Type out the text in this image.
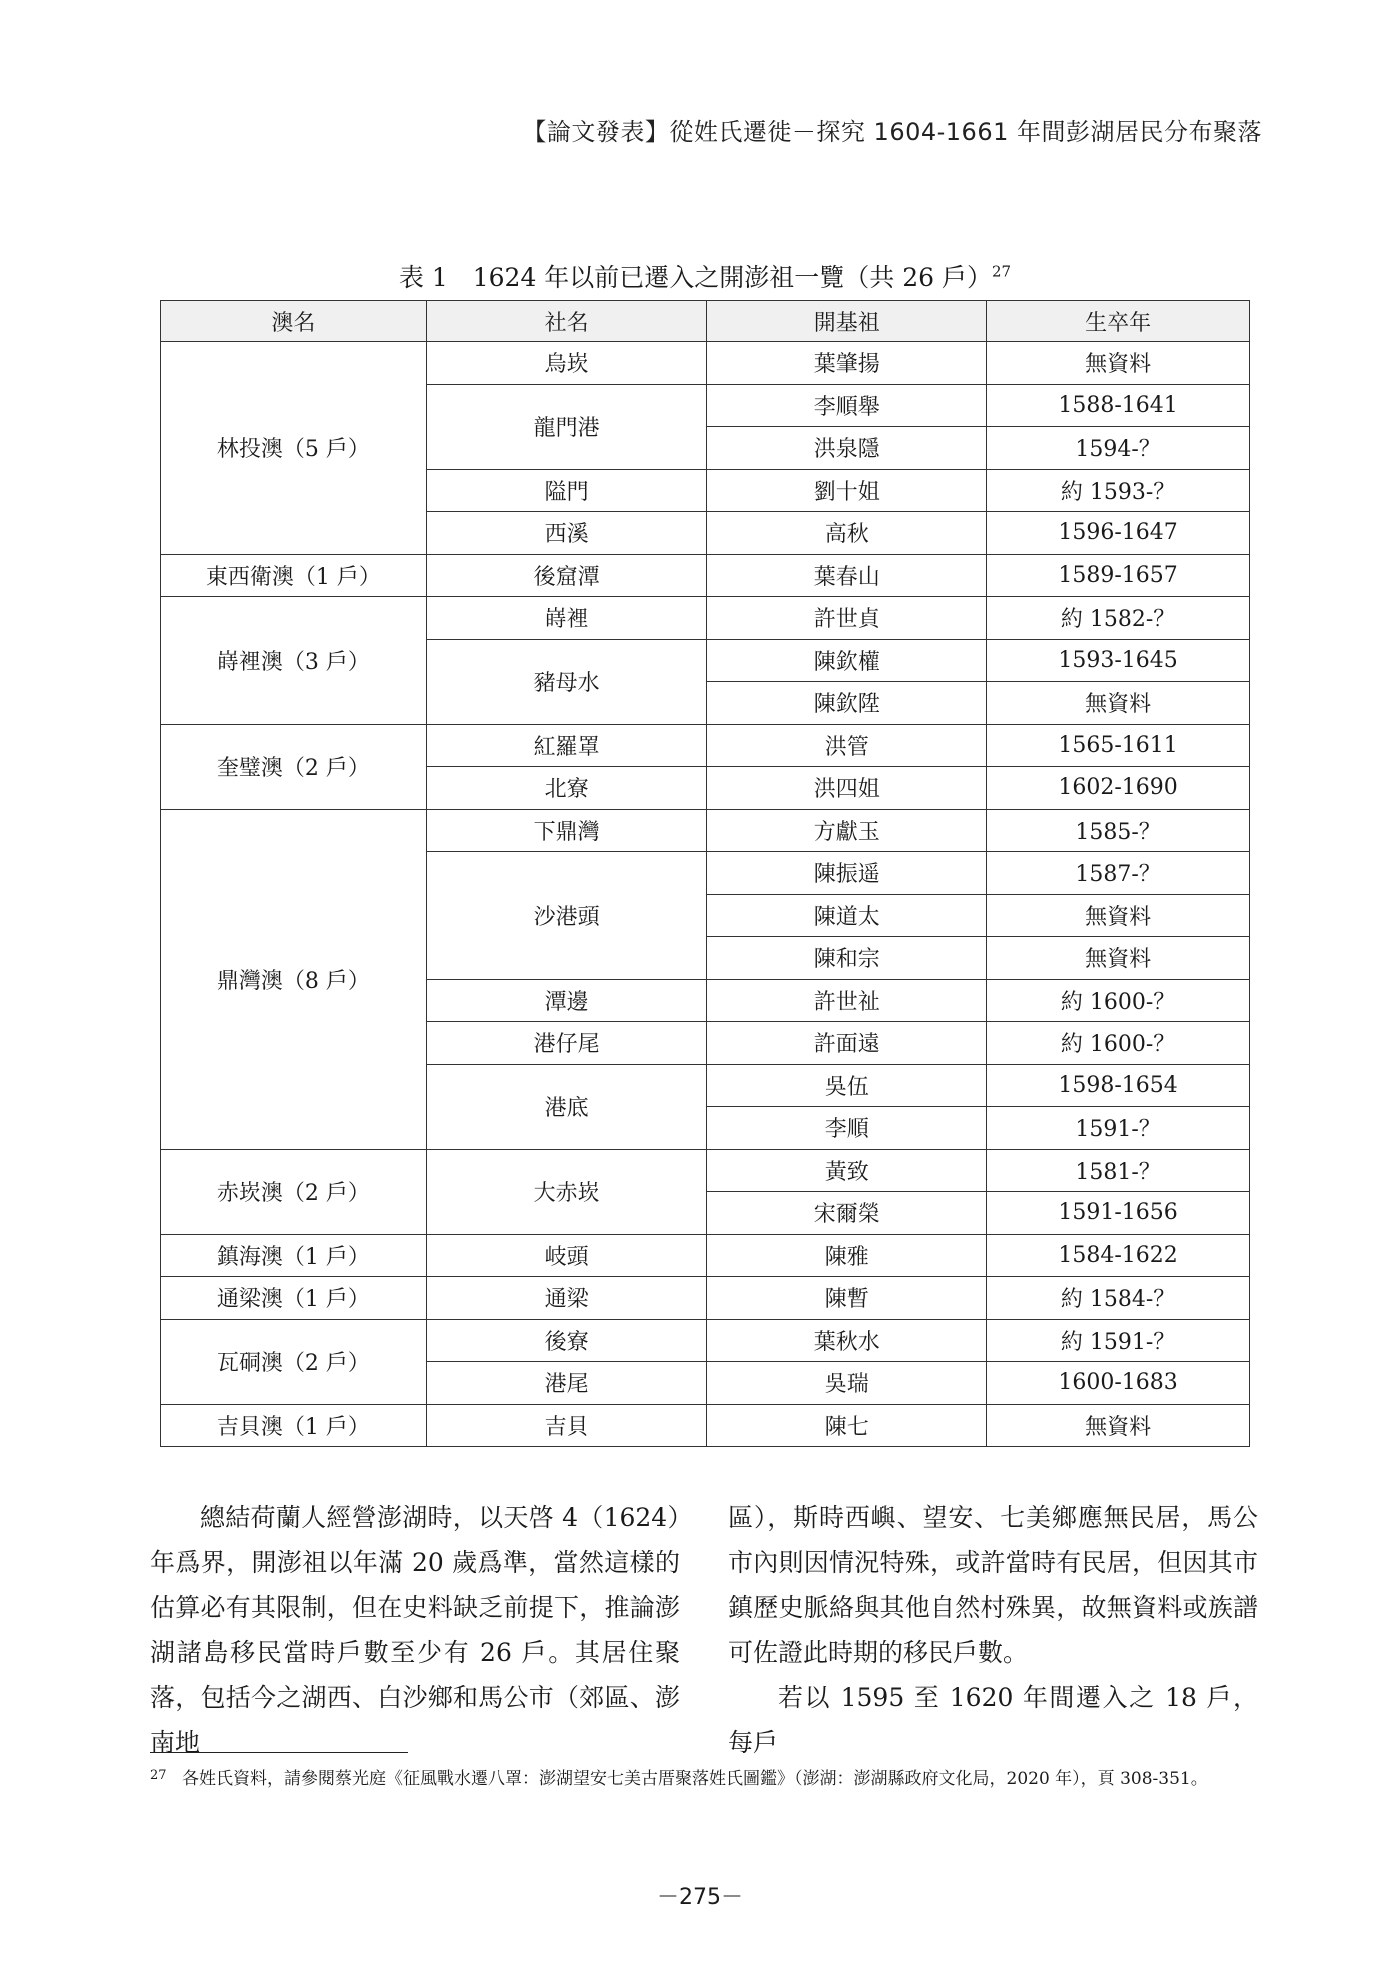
【論文發表】從姓氏遷徙－探究 1604-1661 年間彭湖居民分布聚落
表 1　1624 年以前已遷入之開澎祖一覽（共 26 戶）$^{27}$
澳名	社名	開基祖	生卒年
林投澳（5 戶）	烏崁	葉肇揚	無資料
	龍門港	李順舉	1588-1641
		洪泉隱	1594-？
	隘門	劉十姐	約 1593-？
	西溪	高秋	1596-1647
東西衛澳（1 戶）	後窟潭	葉春山	1589-1657
嵵裡澳（3 戶）	嵵裡	許世貞	約 1582-？
	豬母水	陳欽權	1593-1645
		陳欽陞	無資料
奎璧澳（2 戶）	紅羅罩	洪管	1565-1611
	北寮	洪四姐	1602-1690
鼎灣澳（8 戶）	下鼎灣	方獻玉	1585-？
	沙港頭	陳振遥	1587-？
		陳道太	無資料
		陳和宗	無資料
	潭邊	許世祉	約 1600-？
	港仔尾	許面遠	約 1600-？
	港底	吳伍	1598-1654
		李順	1591-？
赤崁澳（2 戶）	大赤崁	黃致	1581-？
		宋爾榮	1591-1656
鎮海澳（1 戶）	岐頭	陳雅	1584-1622
通梁澳（1 戶）	通梁	陳暫	約 1584-？
瓦硐澳（2 戶）	後寮	葉秋水	約 1591-？
	港尾	吳瑞	1600-1683
吉貝澳（1 戶）	吉貝	陳七	無資料

總結荷蘭人經營澎湖時，以天啓 4（1624）年爲界，開澎祖以年滿 20 歲爲準，當然這樣的估算必有其限制，但在史料缺乏前提下，推論澎湖諸島移民當時戶數至少有 26 戶。其居住聚落，包括今之湖西、白沙鄉和馬公市（郊區、澎南地

區），斯時西嶼、望安、七美鄉應無民居，馬公市內則因情況特殊，或許當時有民居，但因其市鎮歷史脈絡與其他自然村殊異，故無資料或族譜可佐證此時期的移民戶數。

若以 1595 至 1620 年間遷入之 18 戶，每戶

27 各姓氏資料，請參閱蔡光庭《征風戰水遷八罩：澎湖望安七美古厝聚落姓氏圖鑑》（澎湖：澎湖縣政府文化局，2020 年），頁 308-351。
－275－
